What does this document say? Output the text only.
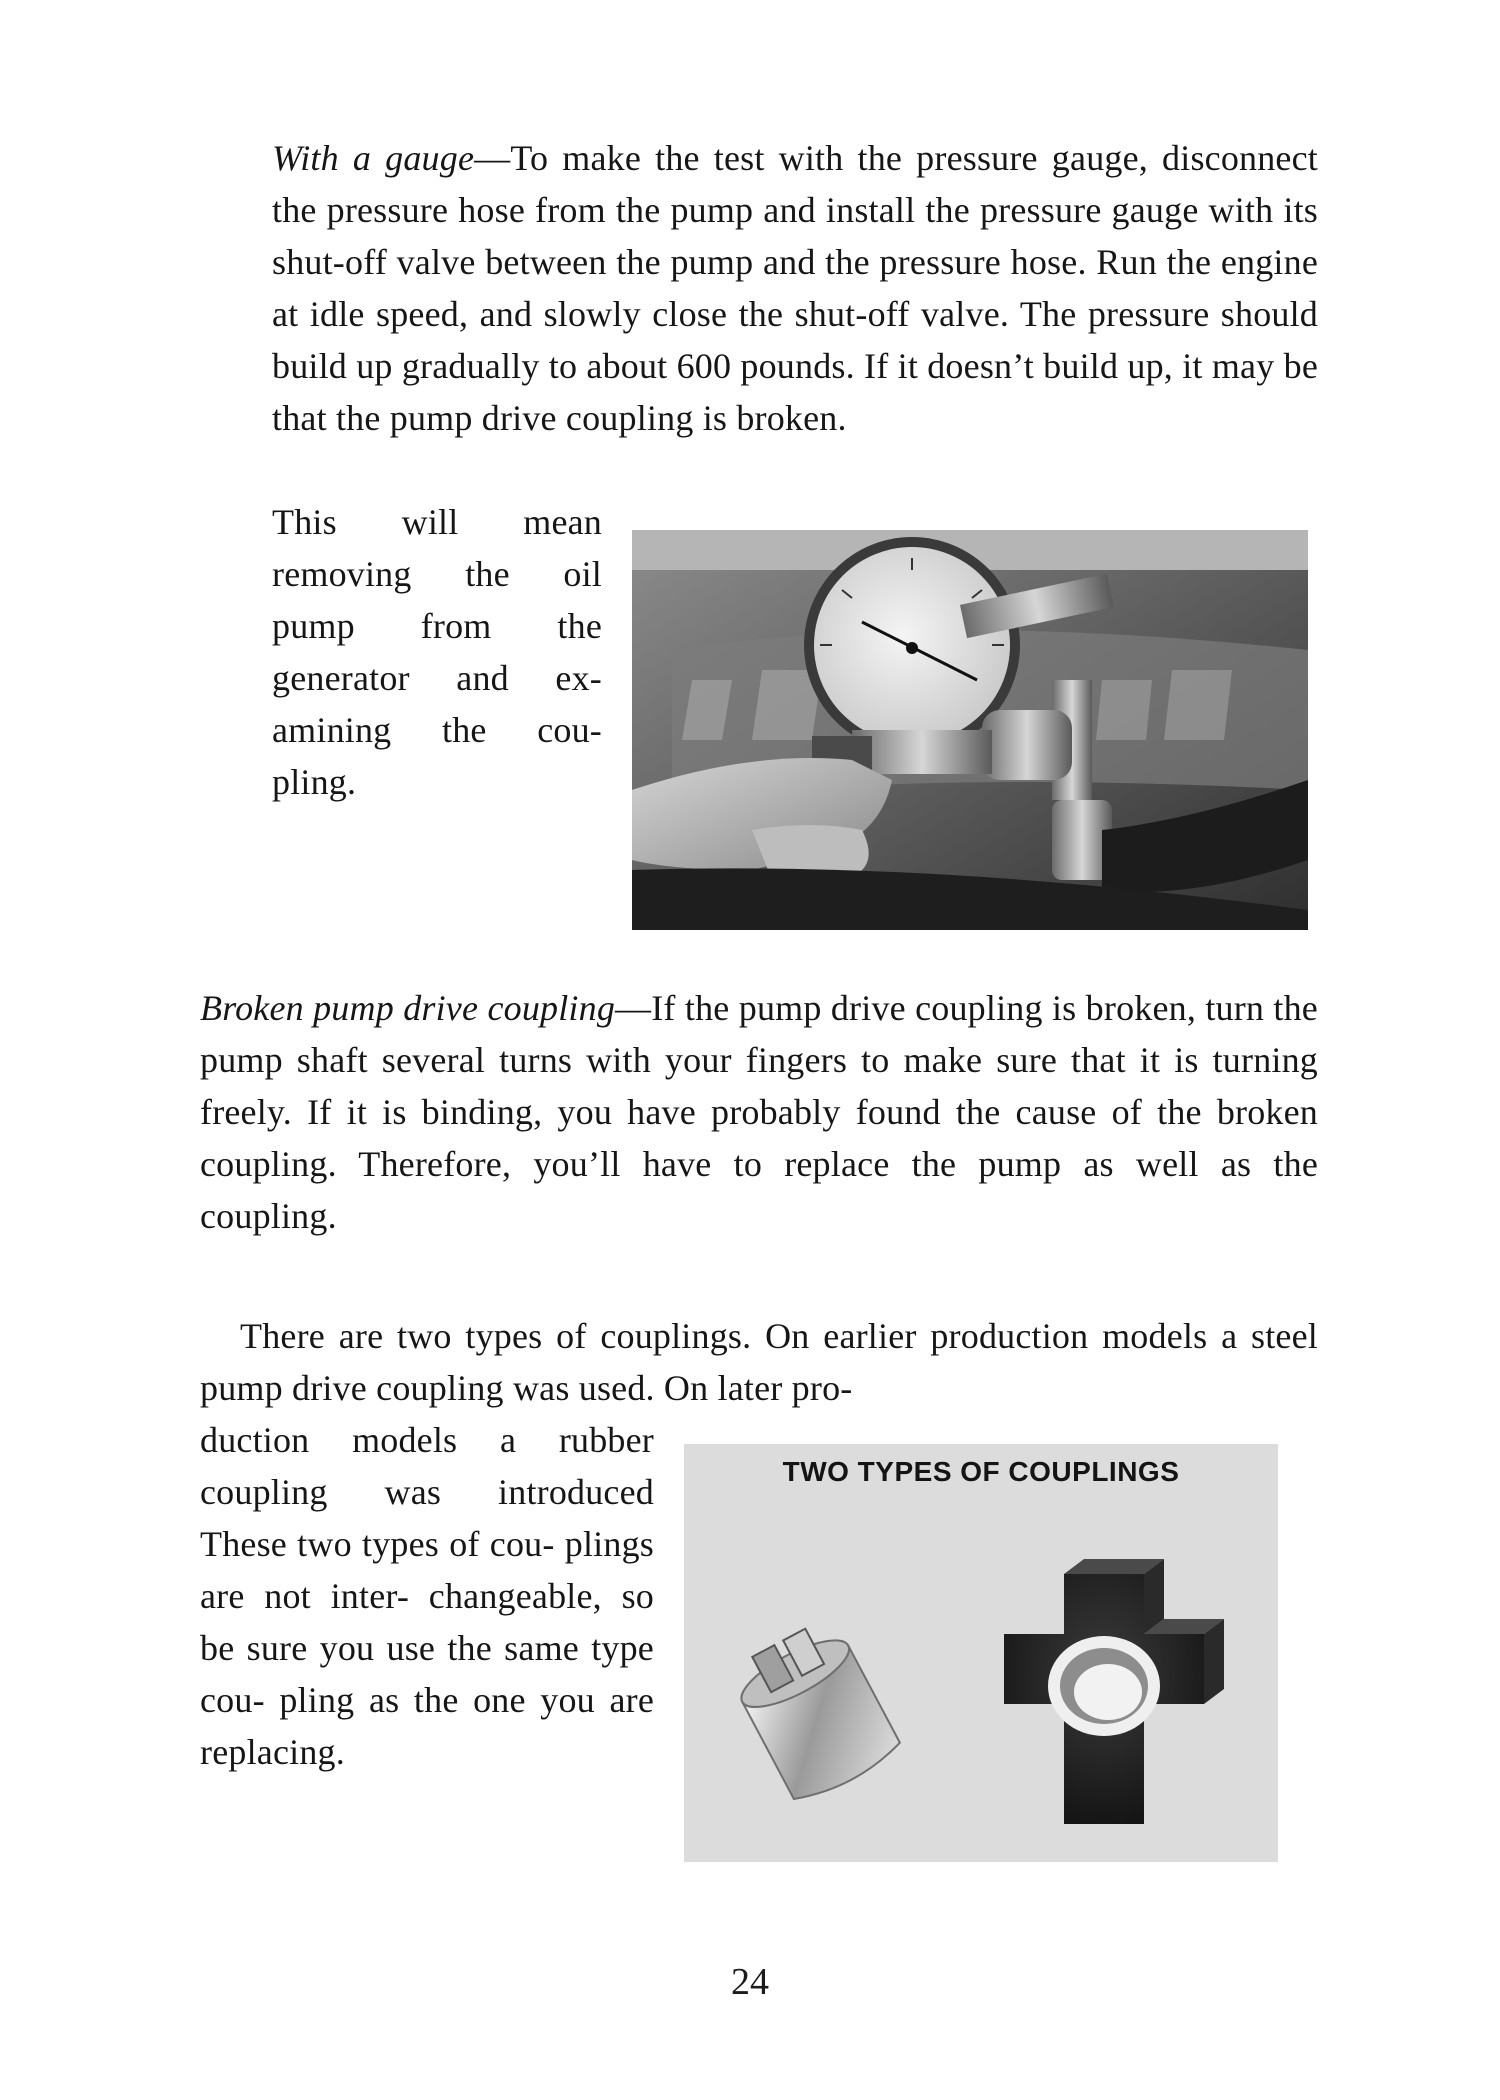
With a gauge—To make the test with the pressure gauge, disconnect the pressure hose from the pump and install the pressure gauge with its shut-off valve between the pump and the pressure hose. Run the engine at idle speed, and slowly close the shut-off valve. The pressure should build up gradually to about 600 pounds. If it doesn’t build up, it may be that the pump drive coupling is broken.

This will mean removing the oil pump from the generator and ex- amining the cou- pling.

Broken pump drive coupling—If the pump drive coupling is broken, turn the pump shaft several turns with your fingers to make sure that it is turning freely. If it is binding, you have probably found the cause of the broken coupling. Therefore, you’ll have to replace the pump as well as the coupling.

There are two types of couplings. On earlier production models a steel pump drive coupling was used. On later pro-

duction models a rubber coupling was introduced These two types of cou- plings are not inter- changeable, so be sure you use the same type cou- pling as the one you are replacing.

TWO TYPES OF COUPLINGS
24
